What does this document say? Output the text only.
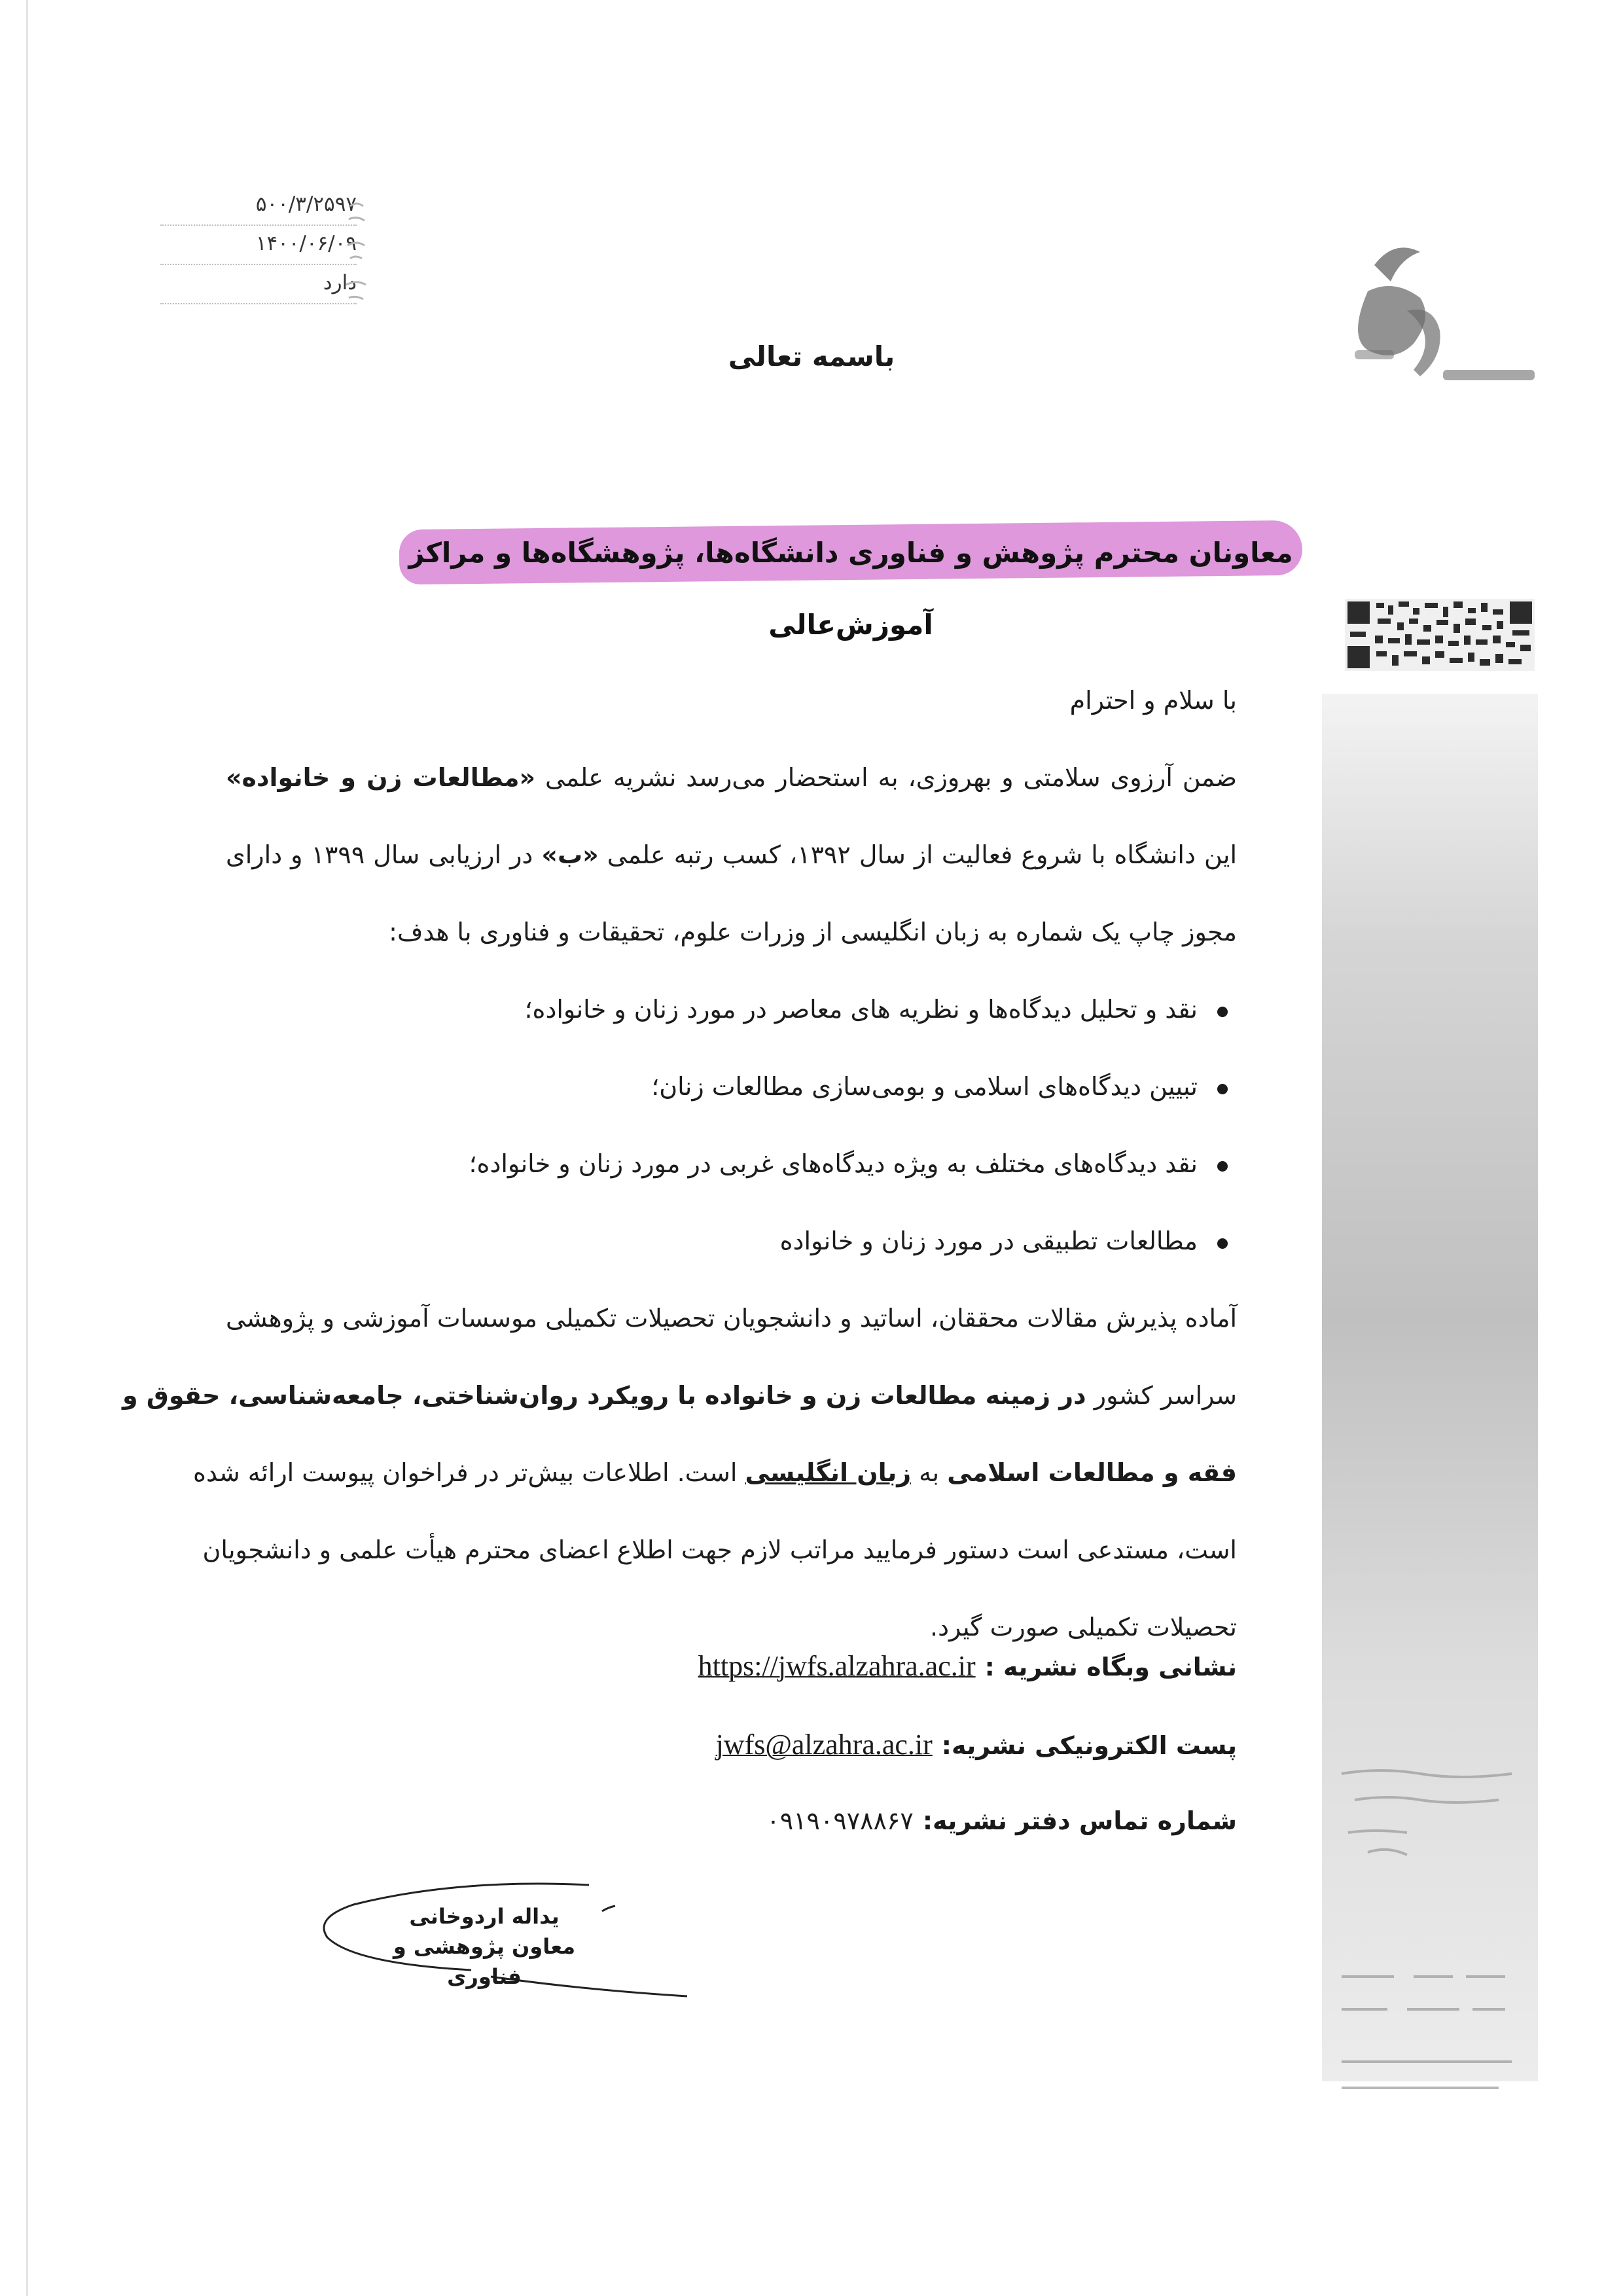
۵۰۰/۳/۲۵۹۷
۱۴۰۰/۰۶/۰۹
دارد
باسمه تعالی
معاونان محترم پژوهش و فناوری دانشگاه‌ها، پژوهشگاه‌ها و مراکز آموزش‌عالی
با سلام و احترام
ضمن آرزوی سلامتی و بهروزی، به استحضار می‌رسد نشریه علمی «مطالعات زن و خانواده»
این دانشگاه با شروع فعالیت از سال ۱۳۹۲، کسب رتبه علمی «ب» در ارزیابی سال ۱۳۹۹ و دارای
مجوز چاپ یک شماره به زبان انگلیسی از وزرات علوم، تحقیقات و فناوری با هدف:
نقد و تحلیل دیدگاه‌ها و نظریه های معاصر در مورد زنان و خانواده؛
تبیین دیدگاه‌های اسلامی و بومی‌سازی مطالعات زنان؛
نقد دیدگاه‌های مختلف به ویژه دیدگاه‌های غربی در مورد زنان و خانواده؛
مطالعات تطبیقی در مورد زنان و خانواده
آماده پذیرش مقالات محققان، اساتید و دانشجویان تحصیلات تکمیلی موسسات آموزشی و پژوهشی
سراسر کشور در زمینه مطالعات زن و خانواده با رویکرد روان‌شناختی، جامعه‌شناسی، حقوق و
فقه و مطالعات اسلامی به زبان انگلیسی است. اطلاعات بیش‌تر در فراخوان پیوست ارائه شده
است، مستدعی است دستور فرمایید مراتب لازم جهت اطلاع اعضای محترم هیأت علمی و دانشجویان
تحصیلات تکمیلی صورت گیرد.
نشانی وبگاه نشریه :https://jwfs.alzahra.ac.ir
پست الکترونیکی نشریه:jwfs@alzahra.ac.ir
شماره تماس دفتر نشریه:۰۹۱۹۰۹۷۸۸۶۷
یداله اردوخانی
معاون پژوهشی و فناوری
